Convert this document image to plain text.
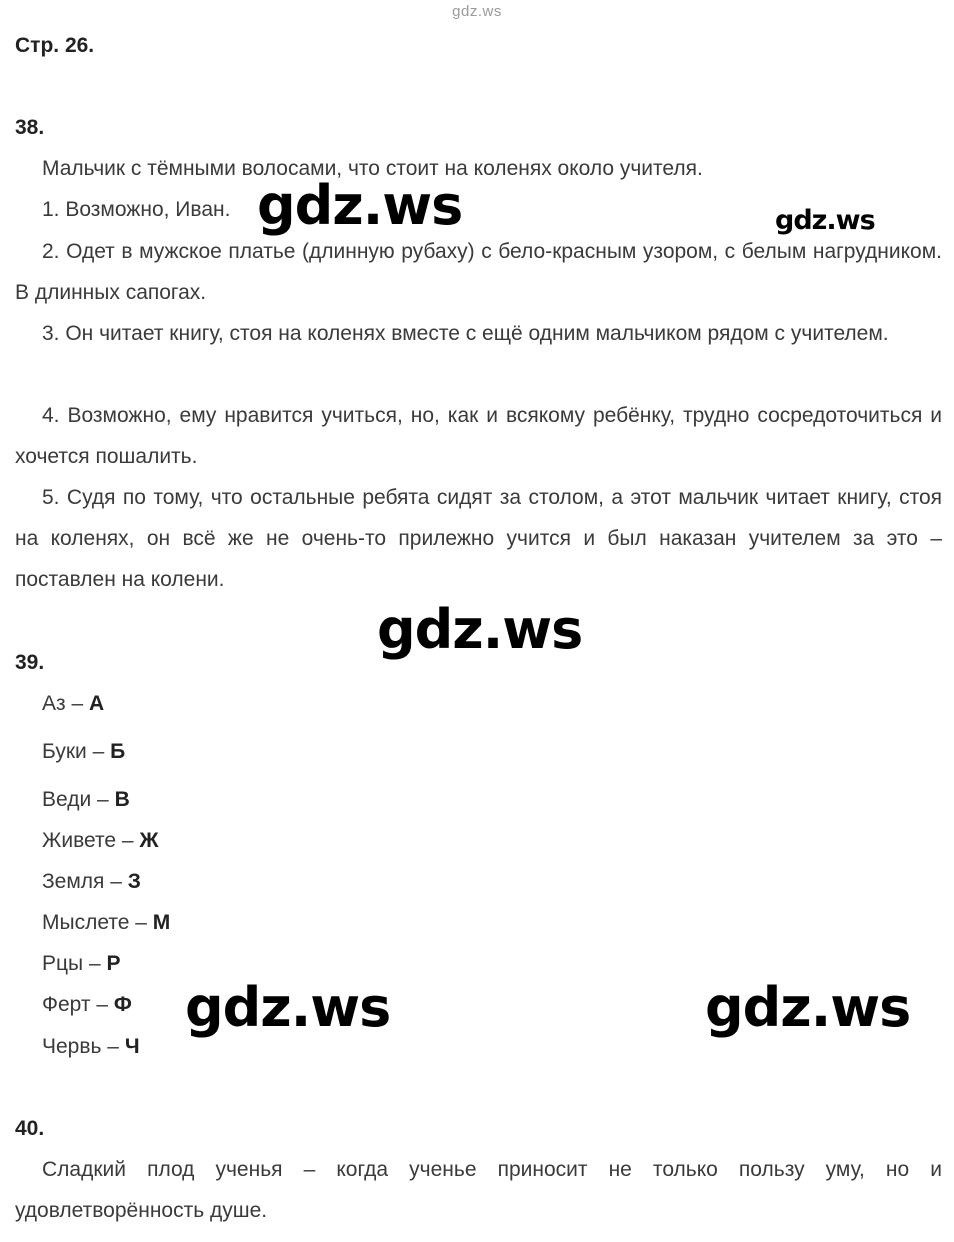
gdz.ws
Стр. 26.
38.

Мальчик с тёмными волосами, что стоит на коленях около учителя.

1. Возможно, Иван.

2. Одет в мужское платье (длинную рубаху) с бело-красным узором, с белым нагрудником. В длинных сапогах.

3. Он читает книгу, стоя на коленях вместе с ещё одним мальчиком рядом с учителем.

4. Возможно, ему нравится учиться, но, как и всякому ребёнку, трудно сосредоточиться и хочется пошалить.

5. Судя по тому, что остальные ребята сидят за столом, а этот мальчик читает книгу, стоя на коленях, он всё же не очень-то прилежно учится и был наказан учителем за это – поставлен на колени.

39.
Аз – А
Буки – Б
Веди – В
Живете – Ж
Земля – З
Мыслете – М
Рцы – Р
Ферт – Ф
Червь – Ч
40.

Сладкий плод ученья – когда ученье приносит не только пользу уму, но и удовлетворённость душе.

gdz.ws	gdz.ws
gdz.ws
gdz.ws	gdz.ws
